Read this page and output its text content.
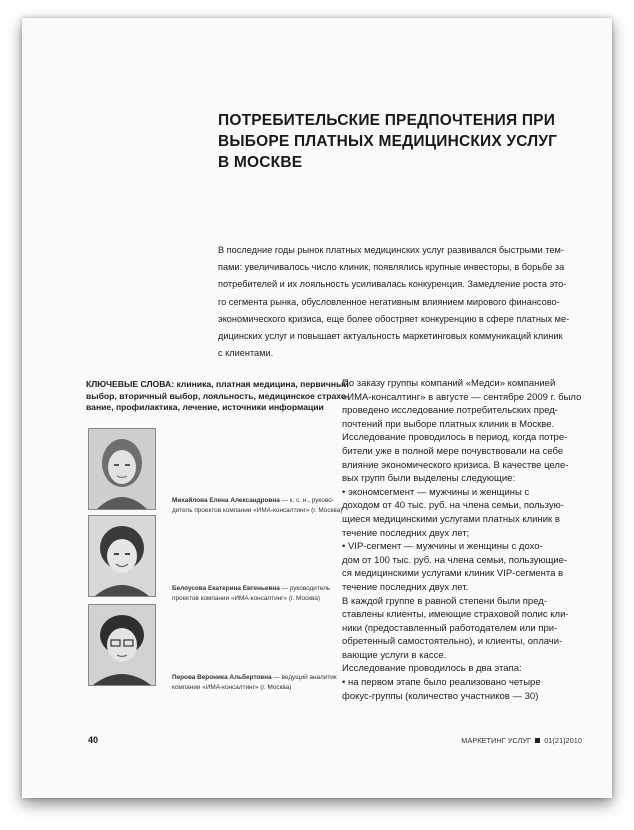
ПОТРЕБИТЕЛЬСКИЕ ПРЕДПОЧТЕНИЯ ПРИ
ВЫБОРЕ ПЛАТНЫХ МЕДИЦИНСКИХ УСЛУГ
В МОСКВЕ
В последние годы рынок платных медицинских услуг развивался быстрыми тем-
пами: увеличивалось число клиник, появлялись крупные инвесторы, в борьбе за
потребителей и их лояльность усиливалась конкуренция. Замедление роста это-
го сегмента рынка, обусловленное негативным влиянием мирового финансово-
экономического кризиса, еще более обостряет конкуренцию в сфере платных ме-
дицинских услуг и повышает актуальность маркетинговых коммуникаций клиник
с клиентами.
КЛЮЧЕВЫЕ СЛОВА: клиника, платная медицина, первичный
выбор, вторичный выбор, лояльность, медицинское страхо-
вание, профилактика, лечение, источники информации
Михайлова Елена Александровна — к. с. н., руково-
дитель проектов компании «ИМА-консалтинг» (г. Москва)
Белоусова Екатерина Евгеньевна — руководитель
проектов компании «ИМА-консалтинг» (г. Москва)
Перова Вероника Альбертовна — ведущий аналитик
компании «ИМА-консалтинг» (г. Москва)
По заказу группы компаний «Медси» компанией
«ИМА-консалтинг» в августе — сентябре 2009 г. было
проведено исследование потребительских пред-
почтений при выборе платных клиник в Москве.
Исследование проводилось в период, когда потре-
бители уже в полной мере почувствовали на себе
влияние экономического кризиса. В качестве целе-
вых групп были выделены следующие:
• экономсегмент — мужчины и женщины с
доходом от 40 тыс. руб. на члена семьи, пользую-
щиеся медицинскими услугами платных клиник в
течение последних двух лет;
• VIP-сегмент — мужчины и женщины с дохо-
дом от 100 тыс. руб. на члена семьи, пользующие-
ся медицинскими услугами клиник VIP-сегмента в
течение последних двух лет.
В каждой группе в равной степени были пред-
ставлены клиенты, имеющие страховой полис кли-
ники (предоставленный работодателем или при-
обретенный самостоятельно), и клиенты, оплачи-
вающие услуги в кассе.
Исследование проводилось в два этапа:
• на первом этапе было реализовано четыре
фокус-группы (количество участников — 30)
40	МАРКЕТИНГ УСЛУГ 01(21)2010
